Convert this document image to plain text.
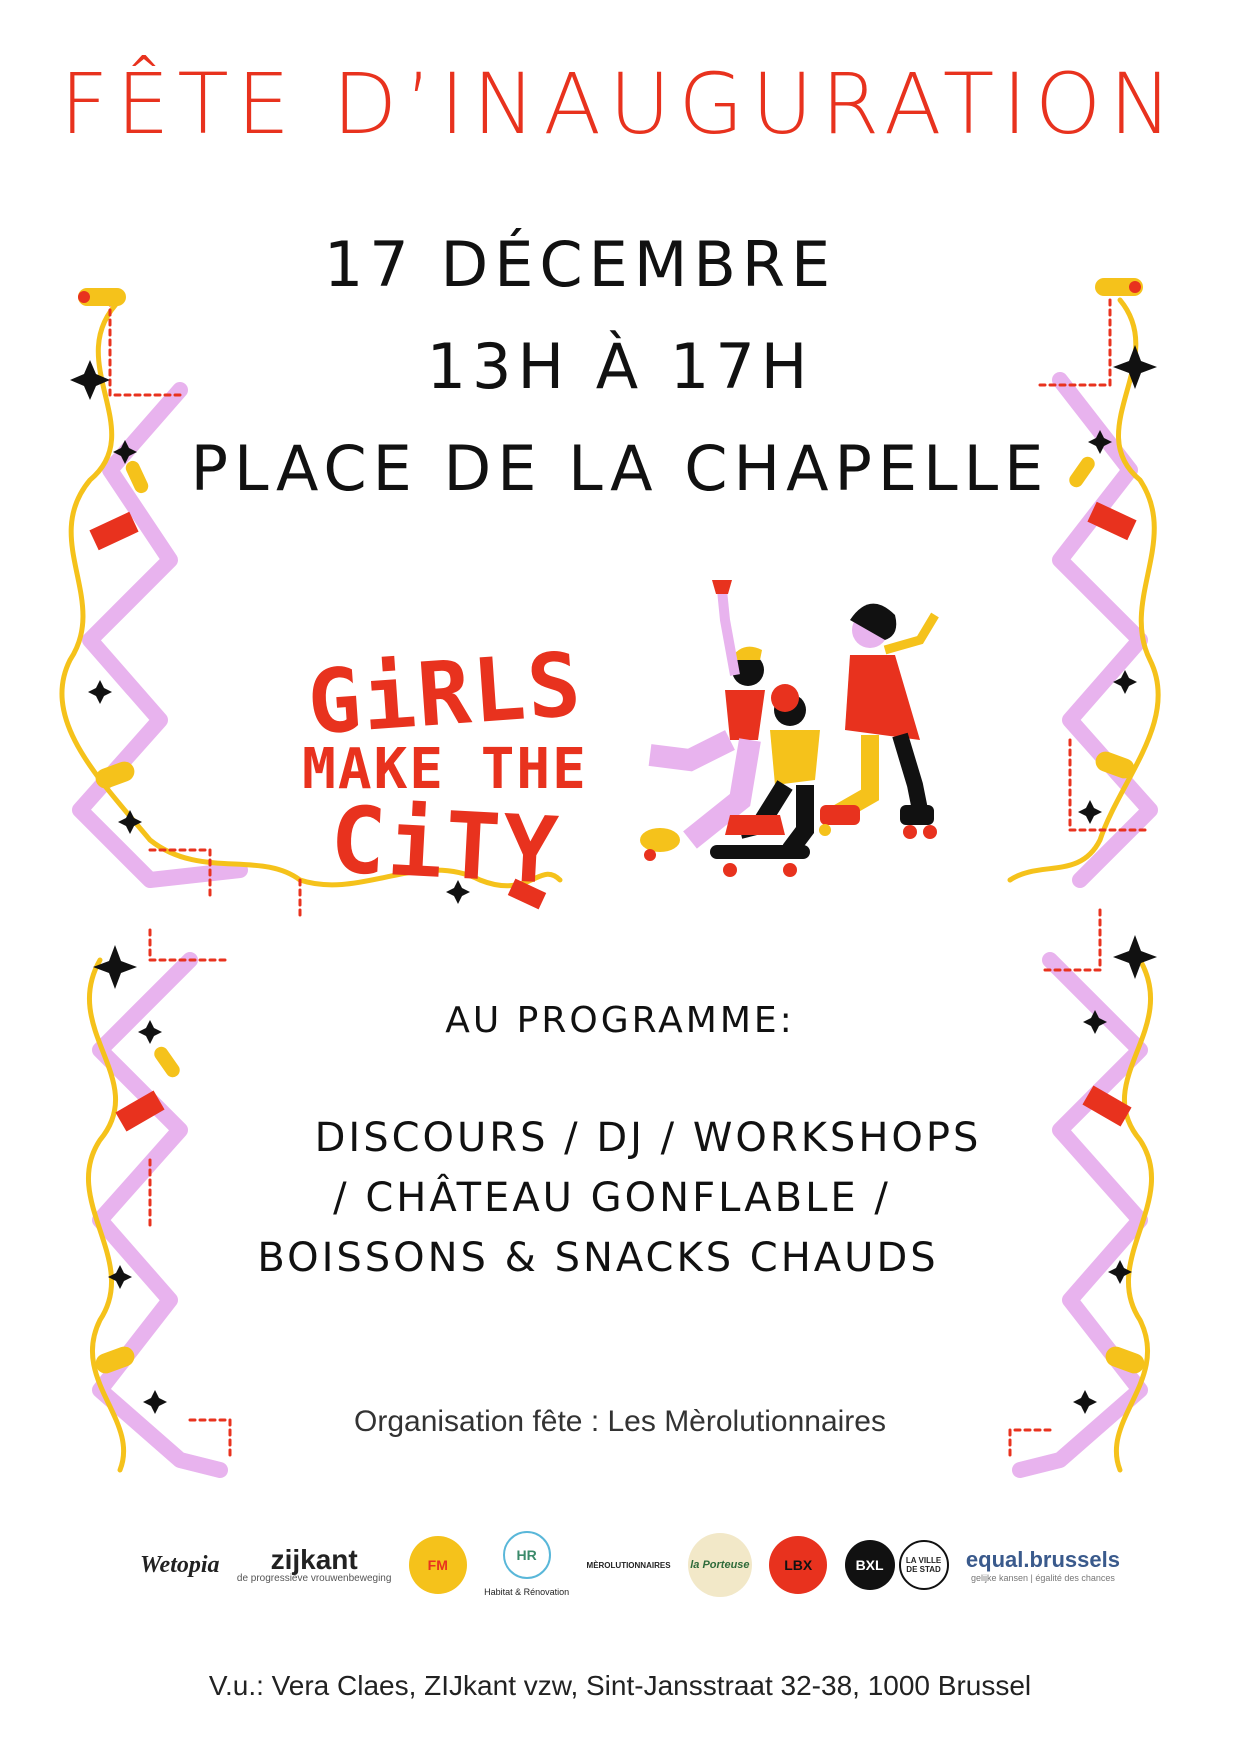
FÊTE D’INAUGURATION
17 DÉCEMBRE
13H À 17H
PLACE DE LA CHAPELLE
GiRLS
MAKE THE
CiTY
AU PROGRAMME:
DISCOURS / DJ / WORKSHOPS
/ CHÂTEAU GONFLABLE /
BOISSONS & SNACKS CHAUDS
Organisation fête : Les Mèrolutionnaires
Wetopia	zijkant
de progressieve vrouwenbeweging
FM
HR
Habitat & Rénovation
MÈROLUTIONNAIRES la Porteuse	LBX	BXL	LA VILLE DE STAD	equal.brussels
gelijke kansen | égalité des chances
V.u.: Vera Claes, ZIJkant vzw, Sint-Jansstraat 32-38, 1000 Brussel
